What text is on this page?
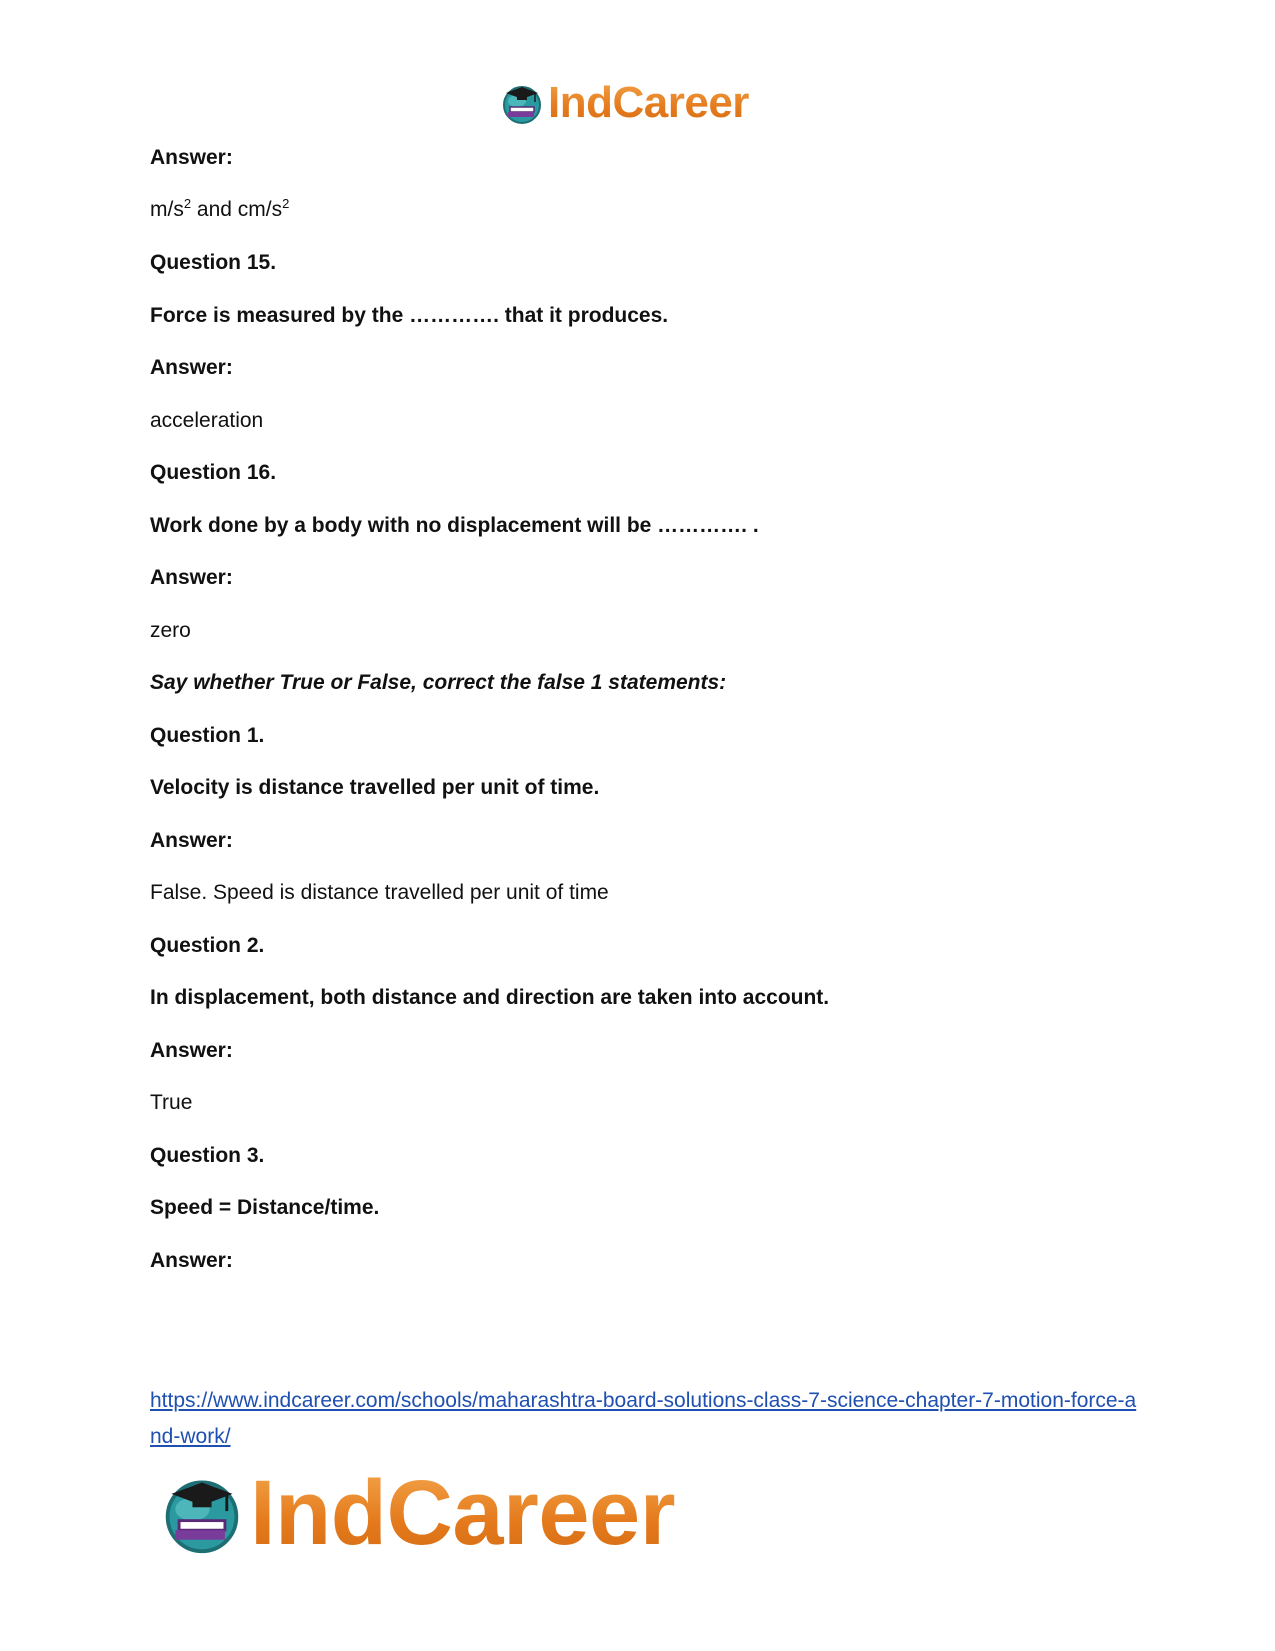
IndCareer
Answer:
$m/s^2$ and $cm/s^2$
Question 15.
Force is measured by the …………. that it produces.
Answer:
acceleration
Question 16.
Work done by a body with no displacement will be …………. .
Answer:
zero
Say whether True or False, correct the false 1 statements:
Question 1.
Velocity is distance travelled per unit of time.
Answer:
False. Speed is distance travelled per unit of time
Question 2.
In displacement, both distance and direction are taken into account.
Answer:
True
Question 3.
Speed = Distance/time.
Answer:
https://www.indcareer.com/schools/maharashtra-board-solutions-class-7-science-chapter-7-motion-force-and-work/
IndCareer
